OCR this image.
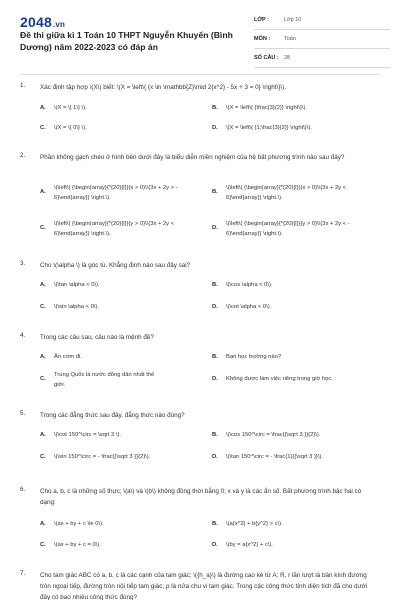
2048.vn
Đề thi giữa kì 1 Toán 10 THPT Nguyễn Khuyến (Bình Dương) năm 2022-2023 có đáp án
LỚP :	Lớp 10
MÔN :	Toán
SỐ CÂU : 28
1. Xác định tập hợp \(X\) biết: \(X = \left\{ {x \in \mathbb{Z}\mid 2{x^2} - 5x + 3 = 0} \right\}\).
A. \(X = \{ 1\} \).	B. \(X = \left\{ {\frac{3}{2}} \right\}\).
C. \(X = \{ 0\} \).	D. \(X = \left\{ {1;\frac{3}{2}} \right\}\).
2. Phần không gạch chéo ở hình bên dưới đây là biểu diễn miền nghiệm của hệ bất phương trình nào sau đây?
A.
\(\left\{ {\begin{array}{*{20}{l}}{x > 0}\\{3x + 2y > - 6}\end{array}} \right.\).
B.
\(\left\{ {\begin{array}{*{20}{l}}{x > 0}\\{3x + 2y < 6}\end{array}} \right.\).
C.
\(\left\{ {\begin{array}{*{20}{l}}{y > 0}\\{3x + 2y < 6}\end{array}} \right.\).
D.
\(\left\{ {\begin{array}{*{20}{l}}{y > 0}\\{3x + 2y < - 6}\end{array}} \right.\).
3. Cho \(\alpha \) là góc tù. Khẳng định nào sau đây sai?
A. \(\tan \alpha < 0\).	B. \(\cos \alpha < 0\).
C. \(\sin \alpha < 0\).	D. \(\cot \alpha < 0\).
4. Trong các câu sau, câu nào là mệnh đề?
A. Ăn cơm đi.	B. Bạn học trường nào?
C.
Trung Quốc là nước đông dân nhất thế giới.
D. Không được làm việc riêng trong giờ học.
5. Trong các đẳng thức sau đây, đẳng thức nào đúng?
A. \(\cot 150^\circ = \sqrt 3 \).	B. \(\cos 150^\circ = \frac{{\sqrt 3 }}{2}\).
C. \(\sin 150^\circ = - \frac{{\sqrt 3 }}{2}\).	D. \(\tan 150^\circ = - \frac{1}{{\sqrt 3 }}\).
6. Cho a, b, c là những số thực; \(a\) và \(b\) không đồng thời bằng 0; x và y là các ẩn số. Bất phương trình bậc hai có dạng:
A. \(ax + by + c \le 0\).	B. \(a{x^2} + b{y^2} > c\).
C. \(ax + by + c = 0\).	D. \(by = a{x^2} + c\).
7. Cho tam giác ABC có a, b, c là các cạnh của tam giác; \({h_a}\) là đường cao kẻ từ A; R, r lần lượt là bán kính đường tròn ngoại tiếp, đường tròn nội tiếp tam giác; p là nửa chu vi tam giác. Trong các công thức tính diện tích đã cho dưới đây có bao nhiêu công thức đúng?
